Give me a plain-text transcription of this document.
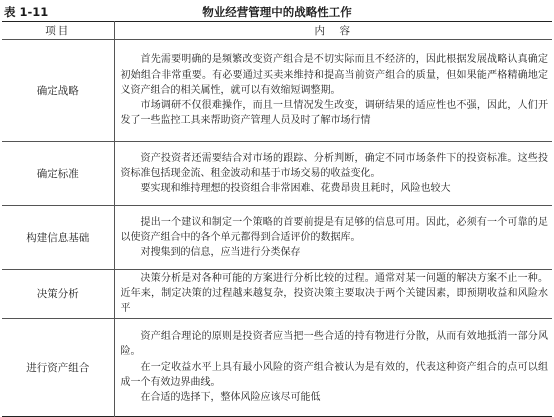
表 1-11	物业经营管理中的战略性工作
项目	内　容
确定战略	首先需要明确的是频繁改变资产组合是不切实际而且不经济的，因此根据发展战略认真确定初始组合非常重要。有必要通过买卖来维持和提高当前资产组合的质量，但如果能严格精确地定义资产组合的相关属性，就可以有效缩短调整期。

市场调研不仅很难操作，而且一旦情况发生改变，调研结果的适应性也不强，因此，人们开发了一些监控工具来帮助资产管理人员及时了解市场行情

确定标准	资产投资者还需要结合对市场的跟踪、分析判断，确定不同市场条件下的投资标准。这些投资标准包括现金流、租金波动和基于市场交易的收益变化。

要实现和维持理想的投资组合非常困难、花费昂贵且耗时，风险也较大

构建信息基础	提出一个建议和制定一个策略的首要前提是有足够的信息可用。因此，必须有一个可靠的足以使资产组合中的各个单元都得到合适评价的数据库。

对搜集到的信息，应当进行分类保存

决策分析	决策分析是对各种可能的方案进行分析比较的过程。通常对某一问题的解决方案不止一种。近年来，制定决策的过程越来越复杂，投资决策主要取决于两个关键因素，即预期收益和风险水平

进行资产组合	资产组合理论的原则是投资者应当把一些合适的持有物进行分散，从而有效地抵消一部分风险。

在一定收益水平上具有最小风险的资产组合被认为是有效的，代表这种资产组合的点可以组成一个有效边界曲线。

在合适的选择下，整体风险应该尽可能低
